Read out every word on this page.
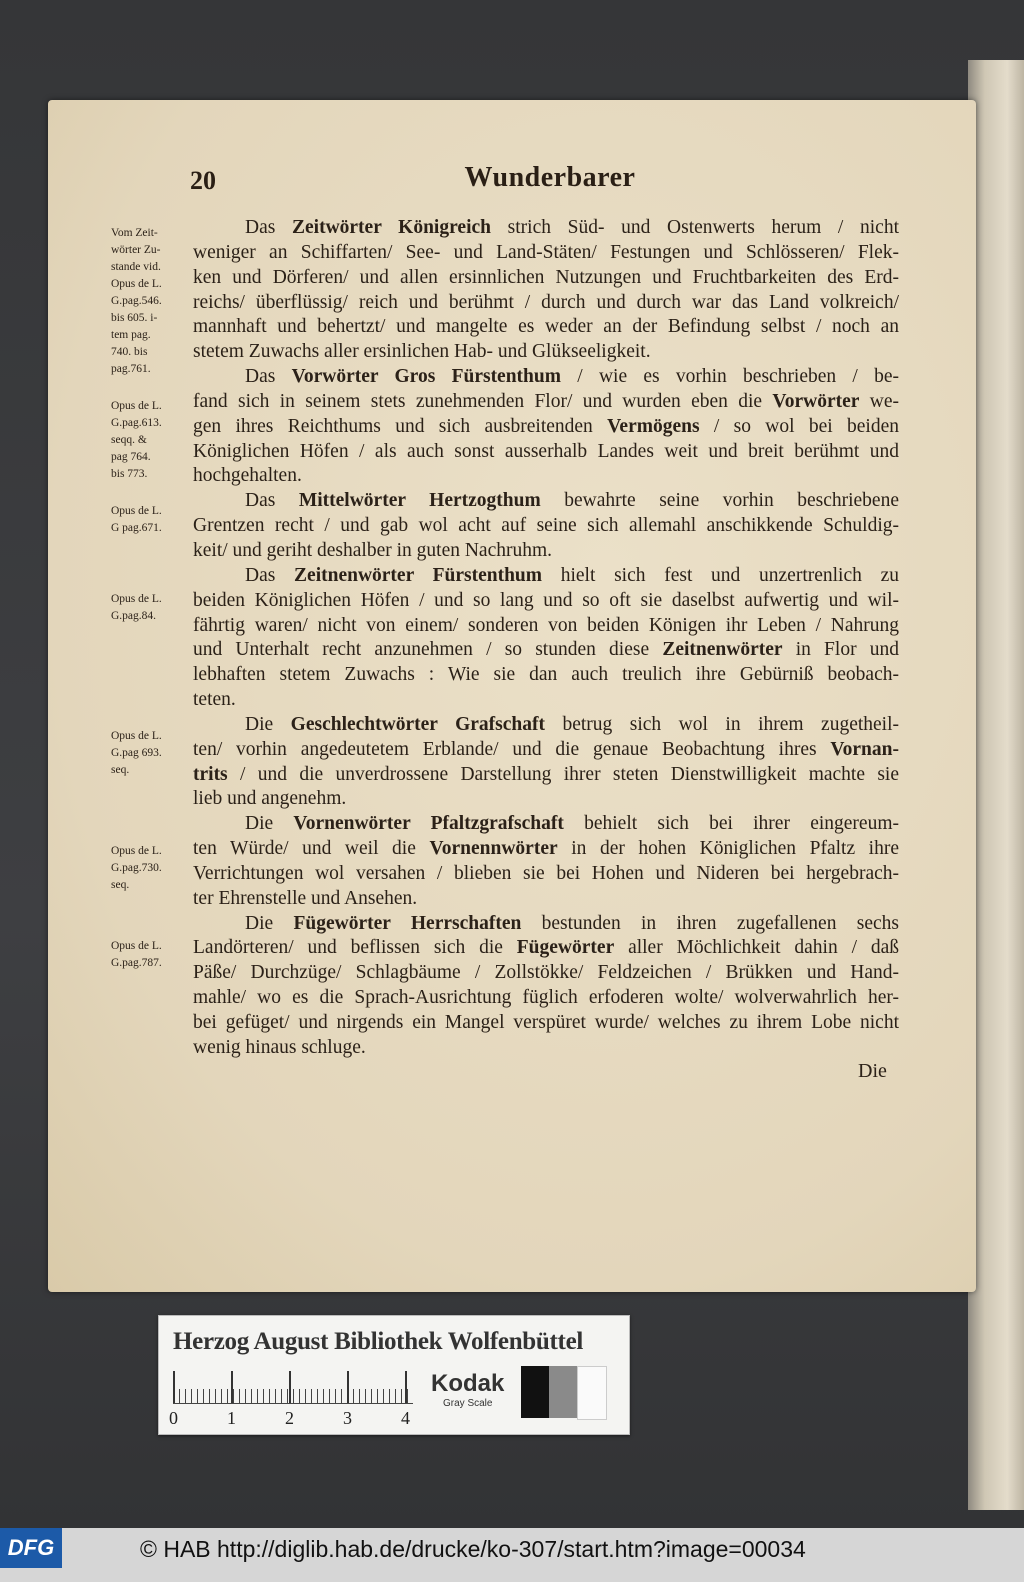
20	Wunderbarer
Das Zeitwörter Königreich strich Süd- und Ostenwerts herum / nicht
weniger an Schiffarten/ See- und Land-Stäten/ Festungen und Schlösseren/ Flek-
ken und Dörferen/ und allen ersinnlichen Nutzungen und Fruchtbarkeiten des Erd-
reichs/ überflüssig/ reich und berühmt / durch und durch war das Land volkreich/
mannhaft und behertzt/ und mangelte es weder an der Befindung selbst / noch an
stetem Zuwachs aller ersinlichen Hab- und Glükseeligkeit.
Das Vorwörter Gros Fürstenthum / wie es vorhin beschrieben / be-
fand sich in seinem stets zunehmenden Flor/ und wurden eben die Vorwörter we-
gen ihres Reichthums und sich ausbreitenden Vermögens / so wol bei beiden
Königlichen Höfen / als auch sonst ausserhalb Landes weit und breit berühmt und
hochgehalten.
Das Mittelwörter Hertzogthum bewahrte seine vorhin beschriebene
Grentzen recht / und gab wol acht auf seine sich allemahl anschikkende Schuldig-
keit/ und geriht deshalber in guten Nachruhm.
Das Zeitnenwörter Fürstenthum hielt sich fest und unzertrenlich zu
beiden Königlichen Höfen / und so lang und so oft sie daselbst aufwertig und wil-
fährtig waren/ nicht von einem/ sonderen von beiden Königen ihr Leben / Nahrung
und Unterhalt recht anzunehmen / so stunden diese Zeitnenwörter in Flor und
lebhaften stetem Zuwachs : Wie sie dan auch treulich ihre Gebürniß beobach-
teten.
Die Geschlechtwörter Grafschaft betrug sich wol in ihrem zugetheil-
ten/ vorhin angedeutetem Erblande/ und die genaue Beobachtung ihres Vornan-
trits / und die unverdrossene Darstellung ihrer steten Dienstwilligkeit machte sie
lieb und angenehm.
Die Vornenwörter Pfaltzgrafschaft behielt sich bei ihrer eingereum-
ten Würde/ und weil die Vornennwörter in der hohen Königlichen Pfaltz ihre
Verrichtungen wol versahen / blieben sie bei Hohen und Nideren bei hergebrach-
ter Ehrenstelle und Ansehen.
Die Fügewörter Herrschaften bestunden in ihren zugefallenen sechs
Landörteren/ und beflissen sich die Fügewörter aller Möchlichkeit dahin / daß
Päße/ Durchzüge/ Schlagbäume / Zollstökke/ Feldzeichen / Brükken und Hand-
mahle/ wo es die Sprach-Ausrichtung füglich erfoderen wolte/ wolverwahrlich her-
bei gefüget/ und nirgends ein Mangel verspüret wurde/ welches zu ihrem Lobe nicht
wenig hinaus schluge.
Vom Zeit-
wörter Zu-
stande vid.
Opus de L.
G.pag.546.
bis 605. i-
tem pag.
740. bis
pag.761.
Opus de L.
G.pag.613.
seqq. &
pag 764.
bis 773.
Opus de L.
G pag.671.
Opus de L.
G.pag.84.
Opus de L.
G.pag 693.
seq.
Opus de L.
G.pag.730.
seq.
Opus de L.
G.pag.787.
Die
Herzog August Bibliothek Wolfenbüttel
0	1	2	3	4
Kodak
Gray Scale
DFG	© HAB http://diglib.hab.de/drucke/ko-307/start.htm?image=00034
